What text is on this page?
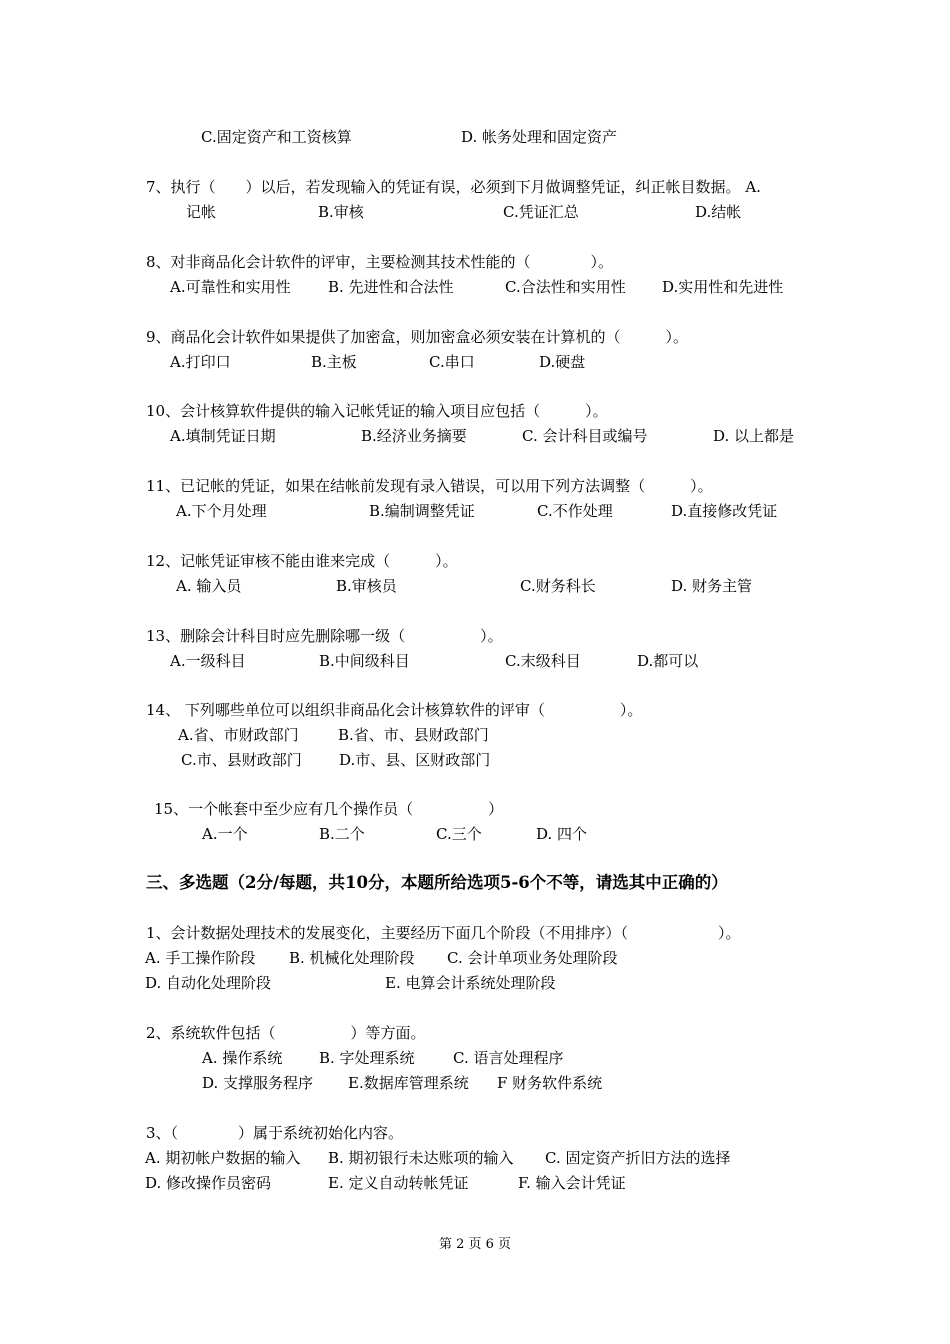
C.固定资产和工资核算	D. 帐务处理和固定资产
7、执行（　　）以后，若发现输入的凭证有误，必须到下月做调整凭证，纠正帐目数据。 A.
记帐	B.审核	C.凭证汇总	D.结帐
8、对非商品化会计软件的评审，主要检测其技术性能的（　　　　）。
A.可靠性和实用性 B. 先进性和合法性	C.合法性和实用性 D.实用性和先进性
9、商品化会计软件如果提供了加密盒，则加密盒必须安装在计算机的（　　　）。
A.打印口	B.主板	C.串口	D.硬盘
10、会计核算软件提供的输入记帐凭证的输入项目应包括（　　　）。
A.填制凭证日期	B.经济业务摘要	C. 会计科目或编号	D. 以上都是
11、已记帐的凭证，如果在结帐前发现有录入错误，可以用下列方法调整（　　　）。
A.下个月处理	B.编制调整凭证	C.不作处理	D.直接修改凭证
12、记帐凭证审核不能由谁来完成（　　　）。
A. 输入员	B.审核员	C.财务科长	D. 财务主管
13、删除会计科目时应先删除哪一级（　　　　　）。
A.一级科目	B.中间级科目	C.末级科目	D.都可以
14、 下列哪些单位可以组织非商品化会计核算软件的评审（　　　　　）。
A.省、市财政部门	B.省、市、县财政部门
C.市、县财政部门 D.市、县、区财政部门
15、一个帐套中至少应有几个操作员（　　　　　）
A.一个	B.二个	C.三个	D. 四个
三、多选题（2分/每题，共10分，本题所给选项5-6个不等，请选其中正确的）
1、会计数据处理技术的发展变化，主要经历下面几个阶段（不用排序）（　　　　　　）。
A. 手工操作阶段 B. 机械化处理阶段 C. 会计单项业务处理阶段
D. 自动化处理阶段	E. 电算会计系统处理阶段
2、系统软件包括（　　　　　）等方面。
A. 操作系统 B. 字处理系统	C. 语言处理程序
D. 支撑服务程序 E.数据库管理系统 F 财务软件系统
3、（　　　　）属于系统初始化内容。
A. 期初帐户数据的输入 B. 期初银行未达账项的输入 C. 固定资产折旧方法的选择
D. 修改操作员密码	E. 定义自动转帐凭证	F. 输入会计凭证
第 2 页 6 页
